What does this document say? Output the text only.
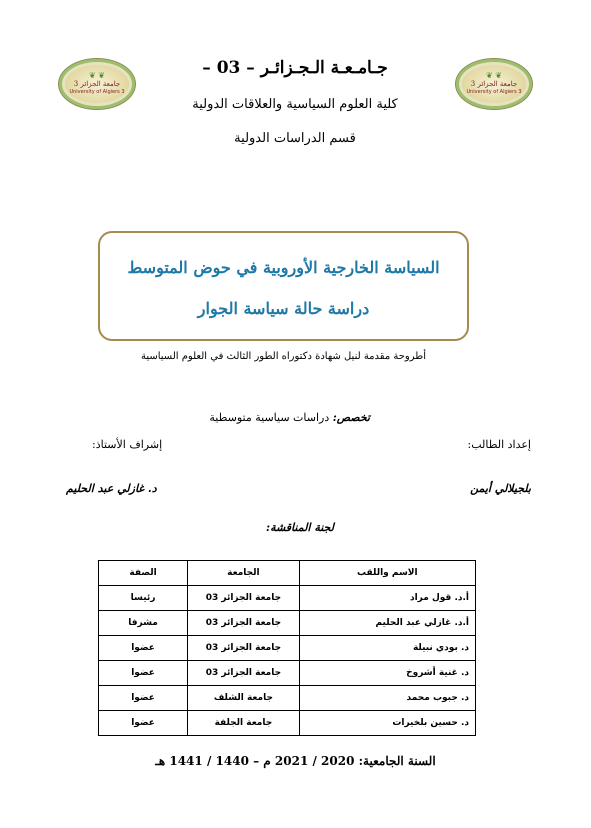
❦ ❦
جامعة الجزائر 3
University of Algiers 3
❦ ❦
جامعة الجزائر 3
University of Algiers 3
جـامـعـة الـجـزائـر – 03 –
كلية العلوم السياسية والعلاقات الدولية
قسم الدراسات الدولية
السياسة الخارجية الأوروبية في حوض المتوسط
دراسة حالة سياسة الجوار
أطروحة مقدمة لنيل شهادة دكتوراه الطور الثالث في العلوم السياسية
تخصص: دراسات سياسية متوسطية
إعداد الطالب:
إشراف الأستاذ:
بلجيلالي أيمن
د. غازلي عبد الحليم
لجنة المناقشة:
الاسم واللقب	الجامعة	الصفة
أ.د. قول مراد	جامعة الجزائر 03	رئيسا
أ.د. غازلي عبد الحليم	جامعة الجزائر 03	مشرفا
د. بودي نبيلة	جامعة الجزائر 03	عضوا
د. غنية أشروخ	جامعة الجزائر 03	عضوا
د. جبوب محمد	جامعة الشلف	عضوا
د. حسين بلخيرات	جامعة الجلفة	عضوا
السنة الجامعية: 2020 / 2021 م – 1440 / 1441 هـ
